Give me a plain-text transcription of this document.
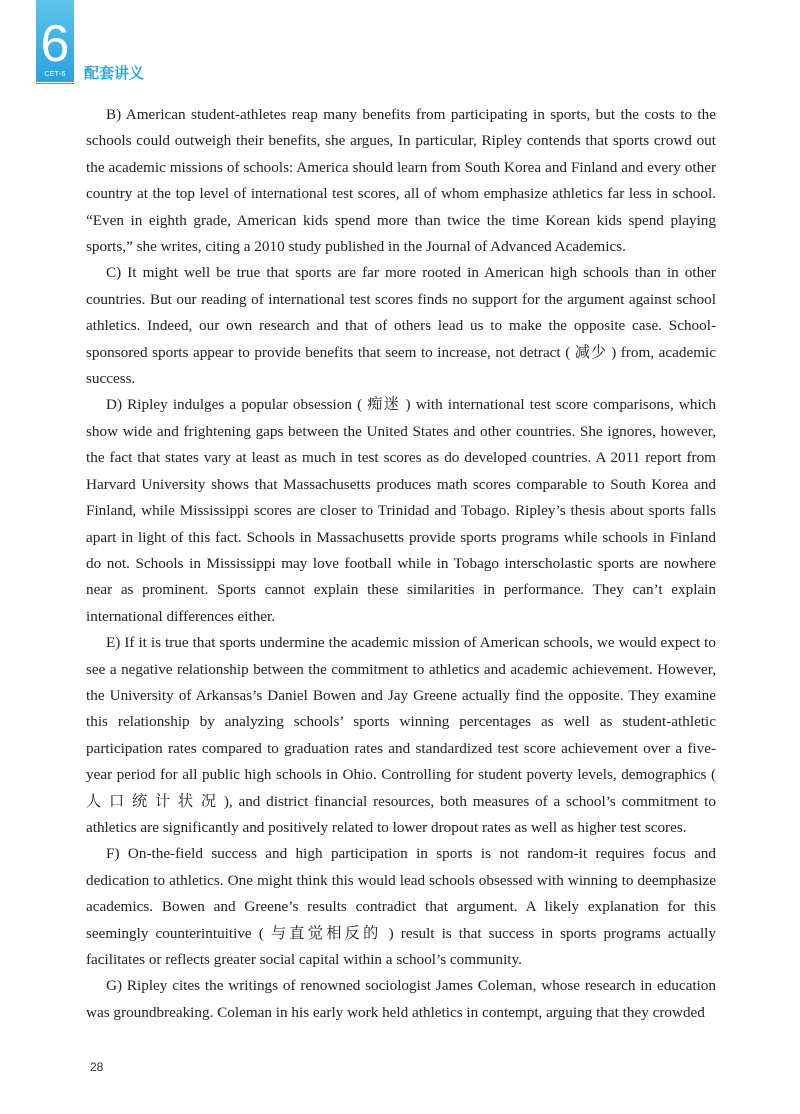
6
CET-6	配套讲义

B) American student-athletes reap many benefits from participating in sports, but the costs to the schools could outweigh their benefits, she argues, In particular, Ripley contends that sports crowd out the academic missions of schools: America should learn from South Korea and Finland and every other country at the top level of international test scores, all of whom emphasize athletics far less in school. “Even in eighth grade, American kids spend more than twice the time Korean kids spend playing sports,” she writes, citing a 2010 study published in the Journal of Advanced Academics.

C) It might well be true that sports are far more rooted in American high schools than in other countries. But our reading of international test scores finds no support for the argument against school athletics. Indeed, our own research and that of others lead us to make the opposite case. School-sponsored sports appear to provide benefits that seem to increase, not detract ( 减少 ) from, academic success.

D) Ripley indulges a popular obsession ( 痴迷 ) with international test score comparisons, which show wide and frightening gaps between the United States and other countries. She ignores, however, the fact that states vary at least as much in test scores as do developed countries. A 2011 report from Harvard University shows that Massachusetts produces math scores comparable to South Korea and Finland, while Mississippi scores are closer to Trinidad and Tobago. Ripley’s thesis about sports falls apart in light of this fact. Schools in Massachusetts provide sports programs while schools in Finland do not. Schools in Mississippi may love football while in Tobago interscholastic sports are nowhere near as prominent. Sports cannot explain these similarities in performance. They can’t explain international differences either.

E) If it is true that sports undermine the academic mission of American schools, we would expect to see a negative relationship between the commitment to athletics and academic achievement. However, the University of Arkansas’s Daniel Bowen and Jay Greene actually find the opposite. They examine this relationship by analyzing schools’ sports winning percentages as well as student-athletic participation rates compared to graduation rates and standardized test score achievement over a five-year period for all public high schools in Ohio. Controlling for student poverty levels, demographics ( 人 口 统 计 状 况 ), and district financial resources, both measures of a school’s commitment to athletics are significantly and positively related to lower dropout rates as well as higher test scores.

F) On-the-field success and high participation in sports is not random-it requires focus and dedication to athletics. One might think this would lead schools obsessed with winning to deemphasize academics. Bowen and Greene’s results contradict that argument. A likely explanation for this seemingly counterintuitive ( 与直觉相反的 ) result is that success in sports programs actually facilitates or reflects greater social capital within a school’s community.

G) Ripley cites the writings of renowned sociologist James Coleman, whose research in education was groundbreaking. Coleman in his early work held athletics in contempt, arguing that they crowded

28
